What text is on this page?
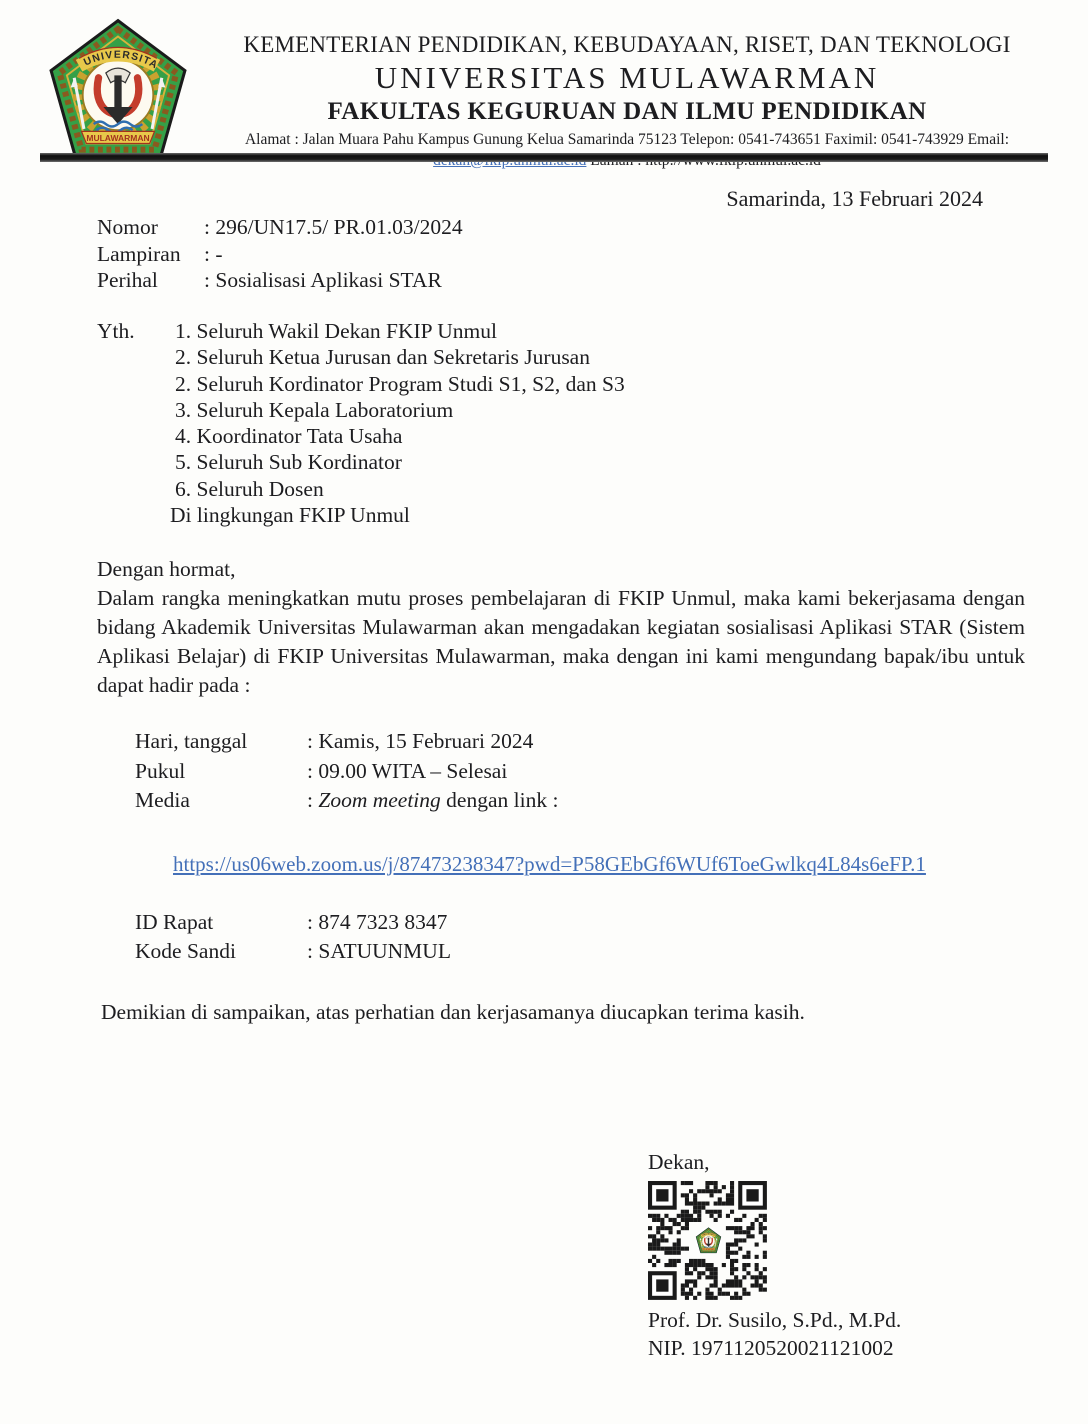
KEMENTERIAN PENDIDIKAN, KEBUDAYAAN, RISET, DAN TEKNOLOGI
UNIVERSITAS MULAWARMAN
FAKULTAS KEGURUAN DAN ILMU PENDIDIKAN
Alamat : Jalan Muara Pahu Kampus Gunung Kelua Samarinda 75123 Telepon: 0541-743651 Faximil: 0541-743929 Email:

Samarinda, 13 Februari 2024
Nomor : 296/UN17.5/ PR.01.03/2024
Lampiran : -
Perihal : Sosialisasi Aplikasi STAR
Yth.	1. Seluruh Wakil Dekan FKIP Unmul
2. Seluruh Ketua Jurusan dan Sekretaris Jurusan
2. Seluruh Kordinator Program Studi S1, S2, dan S3
3. Seluruh Kepala Laboratorium
4. Koordinator Tata Usaha
5. Seluruh Sub Kordinator
6. Seluruh Dosen
Di lingkungan FKIP Unmul
Dengan hormat,

Dalam rangka meningkatkan mutu proses pembelajaran di FKIP Unmul, maka kami bekerjasama dengan bidang Akademik Universitas Mulawarman akan mengadakan kegiatan sosialisasi Aplikasi STAR (Sistem Aplikasi Belajar) di FKIP Universitas Mulawarman, maka dengan ini kami mengundang bapak/ibu untuk dapat hadir pada :

Hari, tanggal	: Kamis, 15 Februari 2024
Pukul	: 09.00 WITA – Selesai
Media	: Zoom meeting dengan link :
https://us06web.zoom.us/j/87473238347?pwd=P58GEbGf6WUf6ToeGwlkq4L84s6eFP.1
ID Rapat	: 874 7323 8347
Kode Sandi	: SATUUNMUL
Demikian di sampaikan, atas perhatian dan kerjasamanya diucapkan terima kasih.
Dekan,
Prof. Dr. Susilo, S.Pd., M.Pd.
NIP. 1971120520021121002
